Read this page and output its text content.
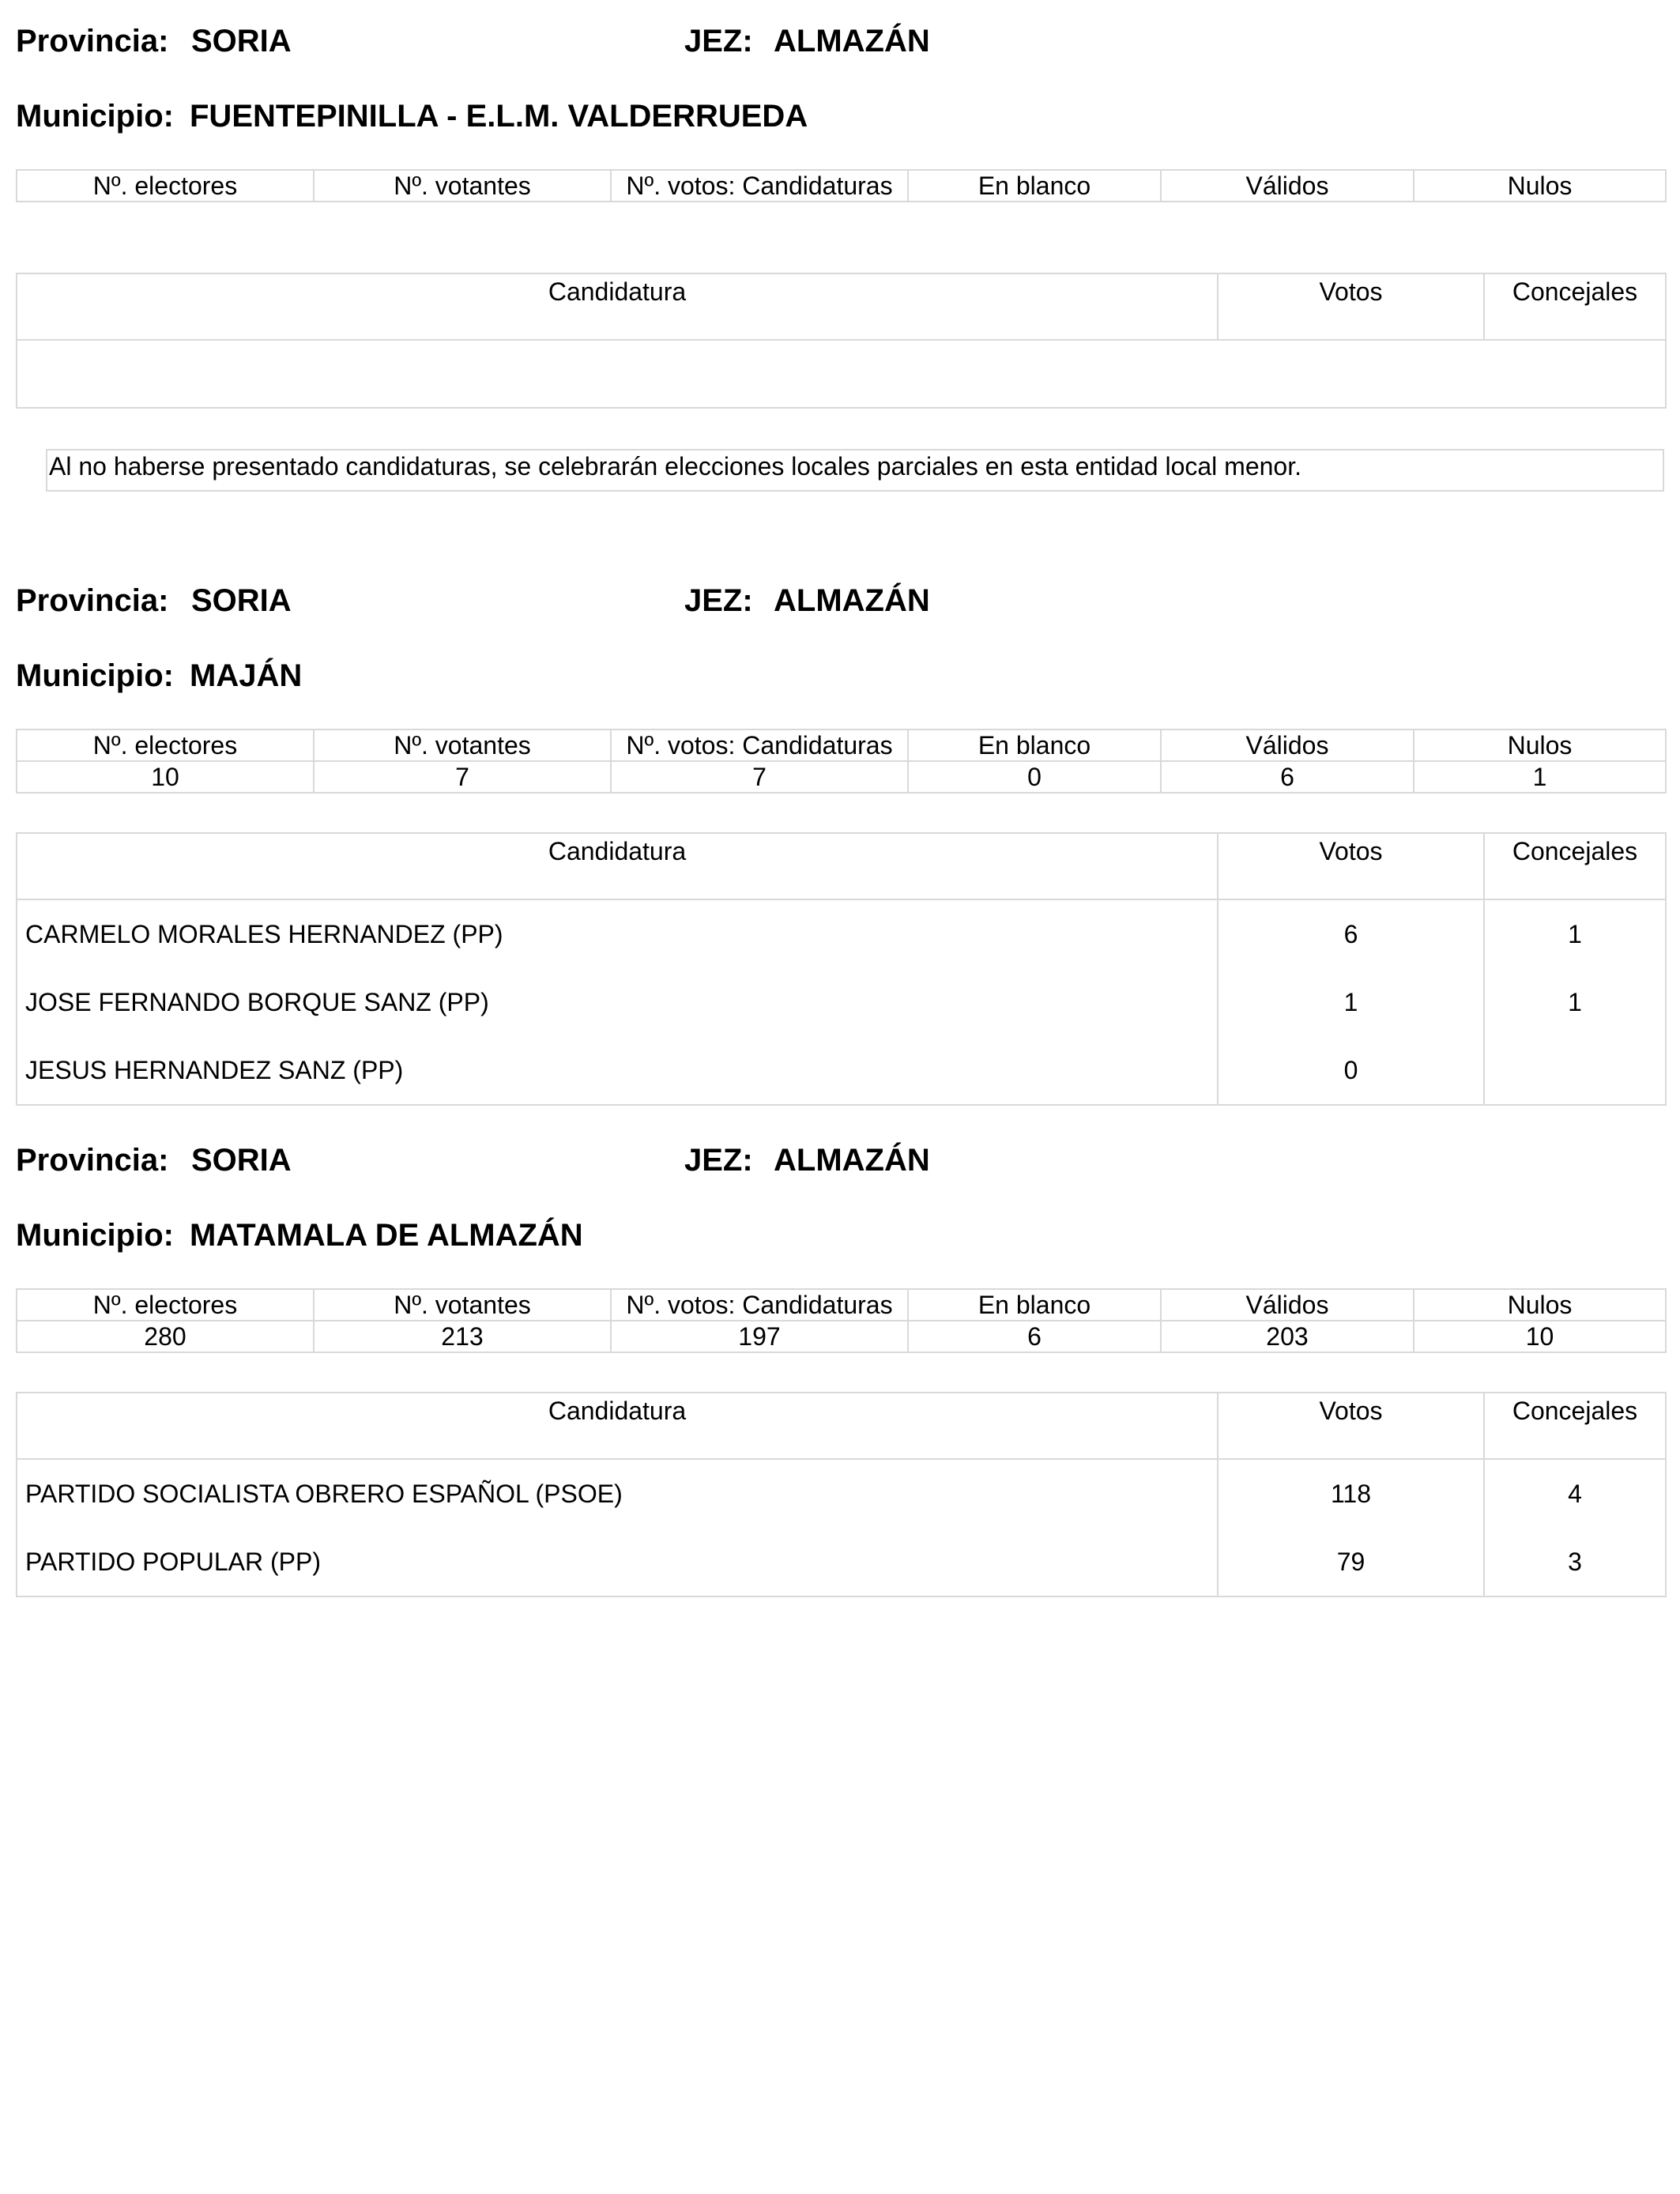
Provincia: SORIA	JEZ: ALMAZÁN
Municipio: FUENTEPINILLA - E.L.M. VALDERRUEDA
Nº. electores	Nº. votantes	Nº. votos: Candidaturas	En blanco	Válidos	Nulos
Candidatura	Votos	Concejales

Al no haberse presentado candidaturas, se celebrarán elecciones locales parciales en esta entidad local menor.
Provincia: SORIA	JEZ: ALMAZÁN
Municipio: MAJÁN
Nº. electores	Nº. votantes	Nº. votos: Candidaturas	En blanco	Válidos	Nulos
10	7	7	0	6	1
Candidatura	Votos	Concejales
CARMELO MORALES HERNANDEZ (PP)	6	1
JOSE FERNANDO BORQUE SANZ (PP)	1	1
JESUS HERNANDEZ SANZ (PP)	0	
Provincia: SORIA	JEZ: ALMAZÁN
Municipio: MATAMALA DE ALMAZÁN
Nº. electores	Nº. votantes	Nº. votos: Candidaturas	En blanco	Válidos	Nulos
280	213	197	6	203	10
Candidatura	Votos	Concejales
PARTIDO SOCIALISTA OBRERO ESPAÑOL (PSOE)	118	4
PARTIDO POPULAR (PP)	79	3
